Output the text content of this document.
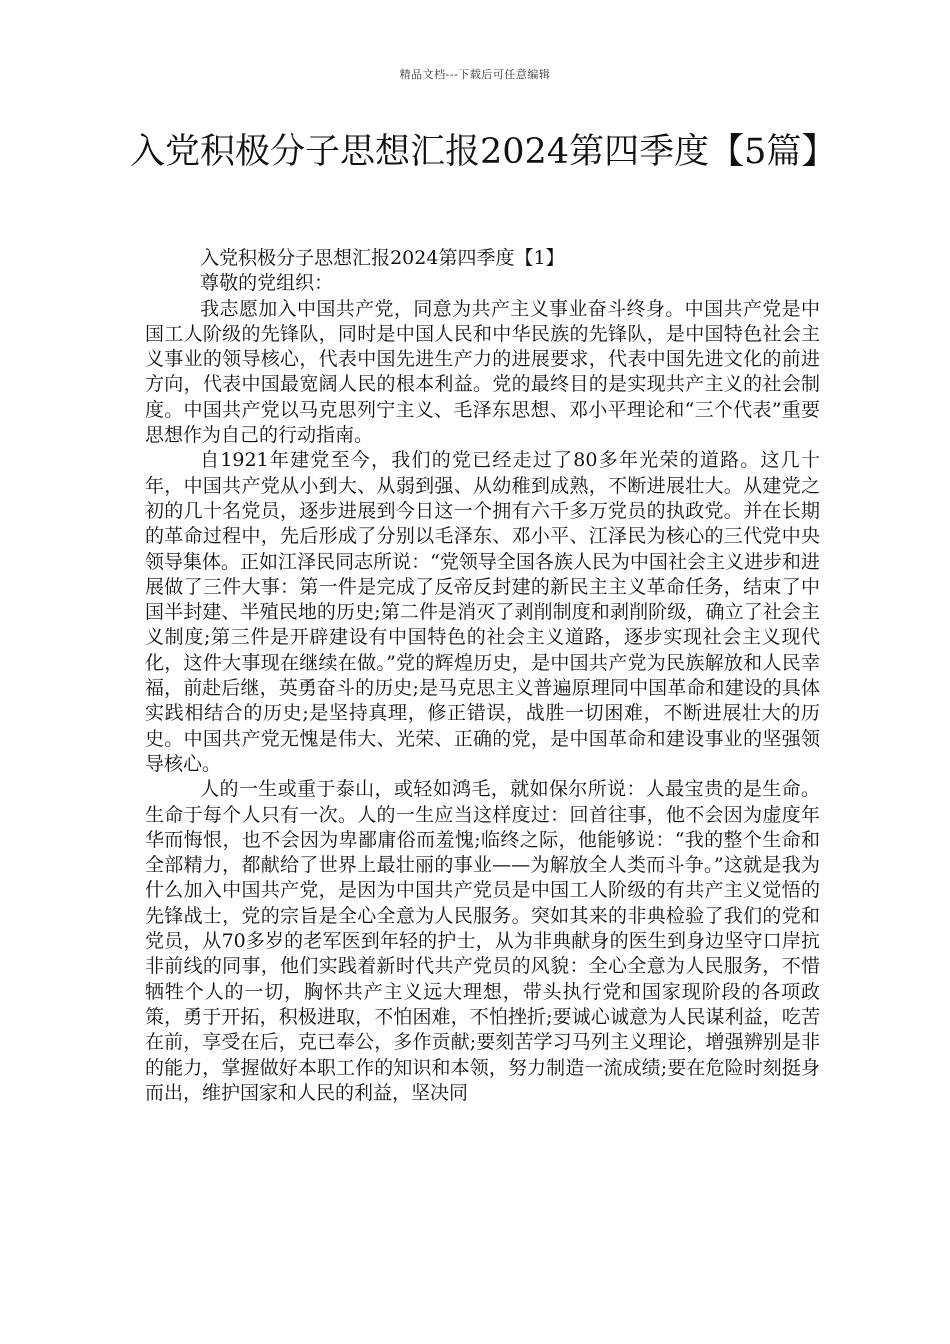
精品文档---下载后可任意编辑
入党积极分子思想汇报2024第四季度【5篇】

入党积极分子思想汇报2024第四季度【1】

尊敬的党组织：

我志愿加入中国共产党，同意为共产主义事业奋斗终身。中国共产党是中国工人阶级的先锋队，同时是中国人民和中华民族的先锋队，是中国特色社会主义事业的领导核心，代表中国先进生产力的进展要求，代表中国先进文化的前进方向，代表中国最宽阔人民的根本利益。党的最终目的是实现共产主义的社会制度。中国共产党以马克思列宁主义、毛泽东思想、邓小平理论和“三个代表”重要思想作为自己的行动指南。

自1921年建党至今，我们的党已经走过了80多年光荣的道路。这几十年，中国共产党从小到大、从弱到强、从幼稚到成熟，不断进展壮大。从建党之初的几十名党员，逐步进展到今日这一个拥有六千多万党员的执政党。并在长期的革命过程中，先后形成了分别以毛泽东、邓小平、江泽民为核心的三代党中央领导集体。正如江泽民同志所说：“党领导全国各族人民为中国社会主义进步和进展做了三件大事：第一件是完成了反帝反封建的新民主主义革命任务，结束了中国半封建、半殖民地的历史;第二件是消灭了剥削制度和剥削阶级，确立了社会主义制度;第三件是开辟建设有中国特色的社会主义道路，逐步实现社会主义现代化，这件大事现在继续在做。”党的辉煌历史，是中国共产党为民族解放和人民幸福，前赴后继，英勇奋斗的历史;是马克思主义普遍原理同中国革命和建设的具体实践相结合的历史;是坚持真理，修正错误，战胜一切困难，不断进展壮大的历史。中国共产党无愧是伟大、光荣、正确的党，是中国革命和建设事业的坚强领导核心。

人的一生或重于泰山，或轻如鸿毛，就如保尔所说：人最宝贵的是生命。生命于每个人只有一次。人的一生应当这样度过：回首往事，他不会因为虚度年华而悔恨，也不会因为卑鄙庸俗而羞愧;临终之际，他能够说：“我的整个生命和全部精力，都献给了世界上最壮丽的事业——为解放全人类而斗争。”这就是我为什么加入中国共产党，是因为中国共产党员是中国工人阶级的有共产主义觉悟的先锋战士，党的宗旨是全心全意为人民服务。突如其来的非典检验了我们的党和党员，从70多岁的老军医到年轻的护士，从为非典献身的医生到身边坚守口岸抗非前线的同事，他们实践着新时代共产党员的风貌：全心全意为人民服务，不惜牺牲个人的一切，胸怀共产主义远大理想，带头执行党和国家现阶段的各项政策，勇于开拓，积极进取，不怕困难，不怕挫折;要诚心诚意为人民谋利益，吃苦在前，享受在后，克已奉公，多作贡献;要刻苦学习马列主义理论，增强辨别是非的能力，掌握做好本职工作的知识和本领，努力制造一流成绩;要在危险时刻挺身而出，维护国家和人民的利益，坚决同
